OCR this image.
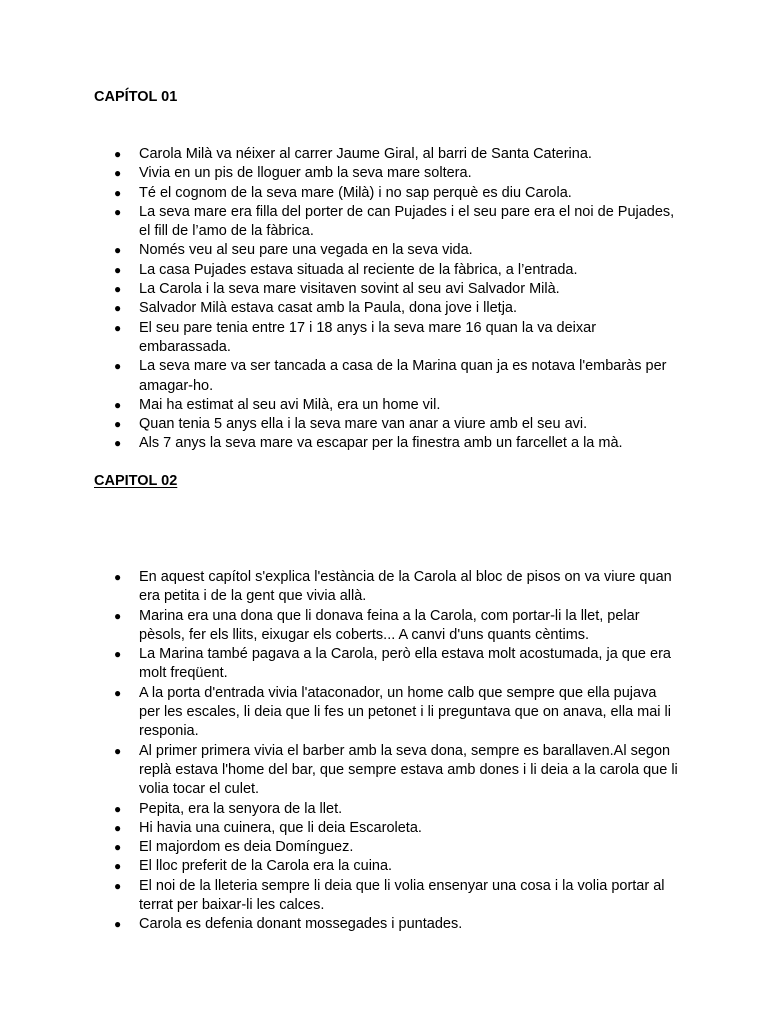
CAPÍTOL 01
● Carola Milà va néixer al carrer Jaume Giral, al barri de Santa Caterina.
● Vivia en un pis de lloguer amb la seva mare soltera.
● Té el cognom de la seva mare (Milà) i no sap perquè es diu Carola.
● La seva mare era filla del porter de can Pujades i el seu pare era el noi de Pujades, el fill de l’amo de la fàbrica.
● Només veu al seu pare una vegada en la seva vida.
● La casa Pujades estava situada al reciente de la fàbrica, a l’entrada.
● La Carola i la seva mare visitaven sovint al seu avi Salvador Milà.
● Salvador Milà estava casat amb la Paula, dona jove i lletja.
● El seu pare tenia entre 17 i 18 anys i la seva mare 16 quan la va deixar embarassada.
● La seva mare va ser tancada a casa de la Marina quan ja es notava l'embaràs per amagar-ho.
● Mai ha estimat al seu avi Milà, era un home vil.
● Quan tenia 5 anys ella i la seva mare van anar a viure amb el seu avi.
● Als 7 anys la seva mare va escapar per la finestra amb un farcellet a la mà.
CAPITOL 02
● En aquest capítol s'explica l'estància de la Carola al bloc de pisos on va viure quan era petita i de la gent que vivia allà.
● Marina era una dona que li donava feina a la Carola, com portar-li la llet, pelar pèsols, fer els llits, eixugar els coberts... A canvi d'uns quants cèntims.
● La Marina també pagava a la Carola, però ella estava molt acostumada, ja que era molt freqüent.
● A la porta d'entrada vivia l'ataconador, un home calb que sempre que ella pujava per les escales, li deia que li fes un petonet i li preguntava que on anava, ella mai li responia.
● Al primer primera vivia el barber amb la seva dona, sempre es barallaven.Al segon replà estava l'home del bar, que sempre estava amb dones i li deia a la carola que li volia tocar el culet.
● Pepita, era la senyora de la llet.
● Hi havia una cuinera, que li deia Escaroleta.
● El majordom es deia Domínguez.
● El lloc preferit de la Carola era la cuina.
● El noi de la lleteria sempre li deia que li volia ensenyar una cosa i la volia portar al terrat per baixar-li les calces.
● Carola es defenia donant mossegades i puntades.
